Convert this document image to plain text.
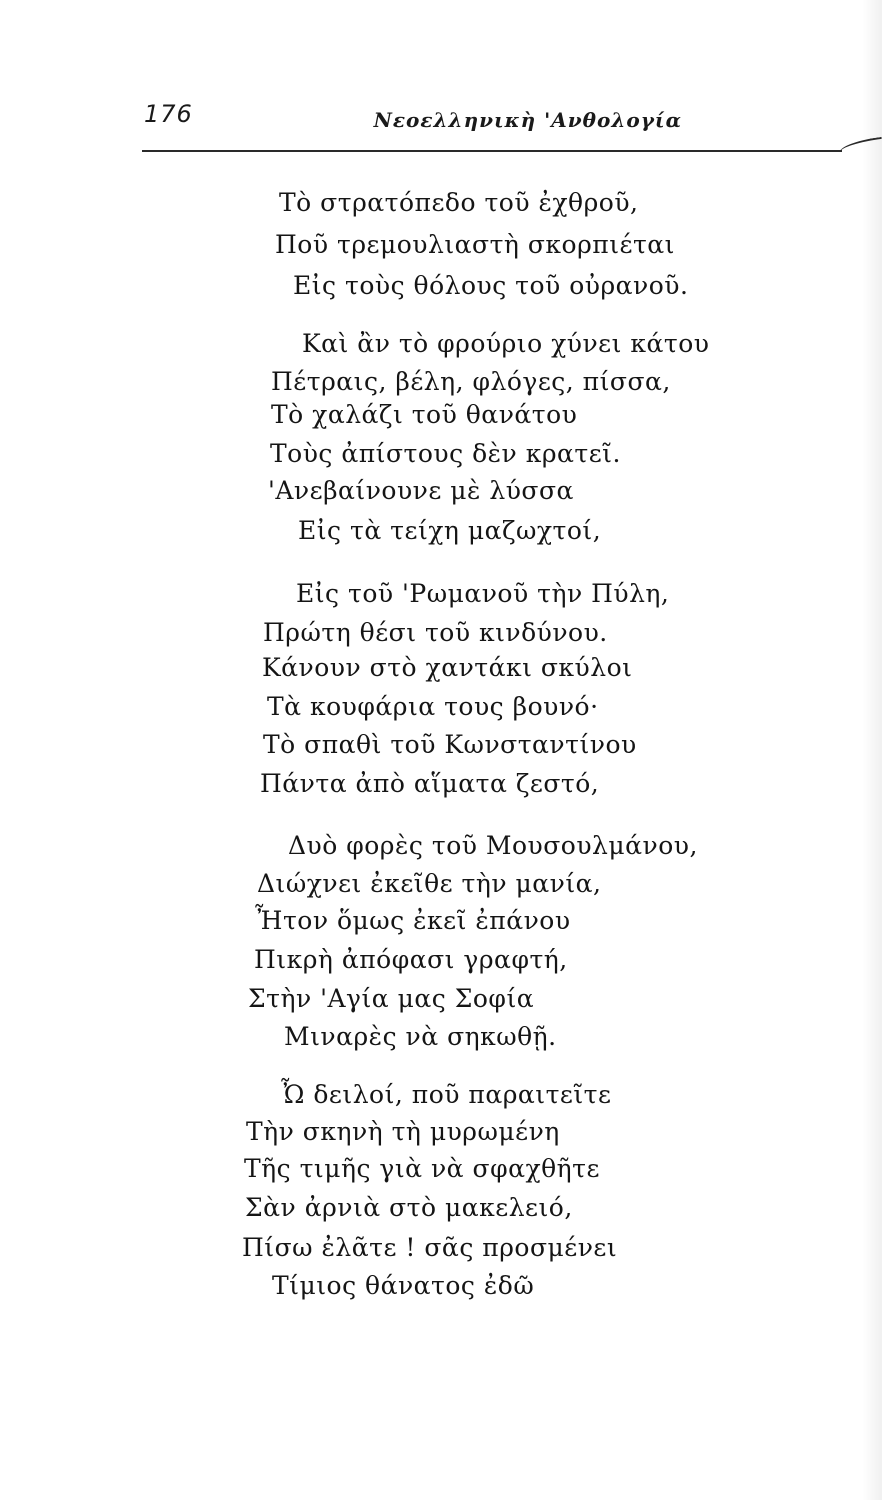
176	Νεοελληνικὴ 'Ανθολογία
Τὸ στρατόπεδο τοῦ ἐχθροῦ,
Ποῦ τρεμουλιαστὴ σκορπιέται
Εἰς τοὺς θόλους τοῦ οὐρανοῦ.
Καὶ ἂν τὸ φρούριο χύνει κάτου
Πέτραις, βέλη, φλόγες, πίσσα,
Τὸ χαλάζι τοῦ θανάτου
Τοὺς ἀπίστους δὲν κρατεῖ.
'Ανεβαίνουνε μὲ λύσσα
Εἰς τὰ τείχη μαζωχτοί,
Εἰς τοῦ 'Ρωμανοῦ τὴν Πύλη,
Πρώτη θέσι τοῦ κινδύνου.
Κάνουν στὸ χαντάκι σκύλοι
Τὰ κουφάρια τους βουνό·
Τὸ σπαθὶ τοῦ Κωνσταντίνου
Πάντα ἀπὸ αἵματα ζεστό,
Δυὸ φορὲς τοῦ Μουσουλμάνου,
Διώχνει ἐκεῖθε τὴν μανία,
Ἦτον ὅμως ἐκεῖ ἐπάνου
Πικρὴ ἀπόφασι γραφτή,
Στὴν 'Αγία μας Σοφία
Μιναρὲς νὰ σηκωθῇ.
Ὦ δειλοί, ποῦ παραιτεῖτε
Τὴν σκηνὴ τὴ μυρωμένη
Τῆς τιμῆς γιὰ νὰ σφαχθῆτε
Σὰν ἀρνιὰ στὸ μακελειό,
Πίσω ἐλᾶτε ! σᾶς προσμένει
Τίμιος θάνατος ἐδῶ
